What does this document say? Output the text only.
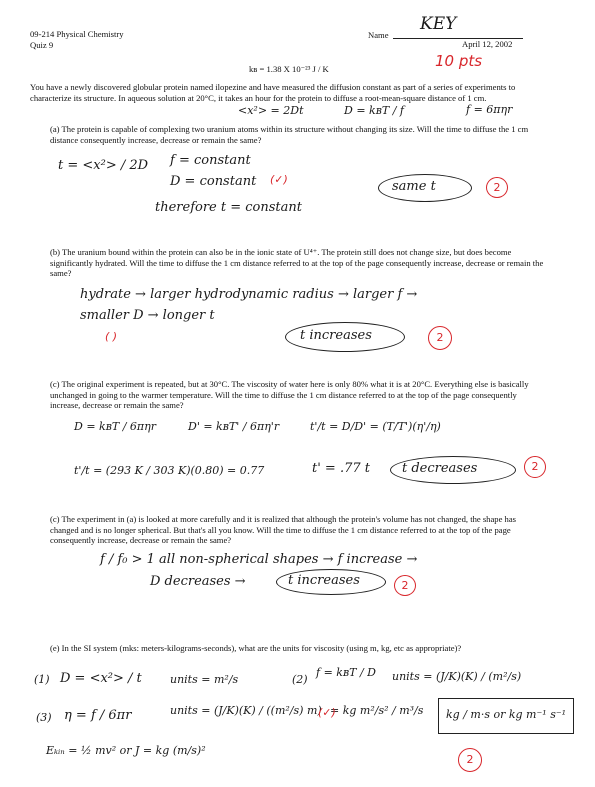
09-214 Physical Chemistry
Quiz 9
Name
KEY
April 12, 2002
10 pts
kʙ = 1.38 X 10⁻²³ J / K
You have a newly discovered globular protein named ilopezine and have measured the diffusion constant as part of a series of experiments to characterize its structure. In aqueous solution at 20°C, it takes an hour for the protein to diffuse a root-mean-square distance of 1 cm.
<x²> = 2Dt	D = kʙT / f	f = 6πηr
(a) The protein is capable of complexing two uranium atoms within its structure without changing its size. Will the time to diffuse the 1 cm distance consequently increase, decrease or remain the same?
t = <x²> / 2D f = constant
D = constant (✓)
therefore t = constant
same t	2
(b) The uranium bound within the protein can also be in the ionic state of U⁴⁺. The protein still does not change size, but does become significantly hydrated. Will the time to diffuse the 1 cm distance referred to at the top of the page consequently increase, decrease or remain the same?
hydrate → larger hydrodynamic radius → larger f →
smaller D → longer t
( )	t increases	2
(c) The original experiment is repeated, but at 30°C. The viscosity of water here is only 80% what it is at 20°C. Everything else is basically unchanged in going to the warmer temperature. Will the time to diffuse the 1 cm distance referred to at the top of the page consequently increase, decrease or remain the same?
D = kʙT / 6πηr	D' = kʙT' / 6πη'r	t'/t = D/D' = (T/T')(η'/η)
t'/t = (293 K / 303 K)(0.80) = 0.77	t' = .77 t t decreases	2
(c) The experiment in (a) is looked at more carefully and it is realized that although the protein's volume has not changed, the shape has changed and is no longer spherical. But that's all you know. Will the time to diffuse the 1 cm distance referred to at the top of the page consequently increase, decrease or remain the same?
f / f₀ > 1 all non-spherical shapes → f increase →
D decreases →	t increases	2
(e) In the SI system (mks: meters-kilograms-seconds), what are the units for viscosity (using m, kg, etc as appropriate)?
(1) D = <x²> / t	units = m²/s	(2)
f = kʙT / D units = (J/K)(K) / (m²/s)
(3) η = f / 6πr	units = (J/K)(K) / ((m²/s) m) = kg m²/s² / m³/s kg / m·s or kg m⁻¹ s⁻¹
(✓)
Eₖᵢₙ = ½ mv² or J = kg (m/s)²
2
